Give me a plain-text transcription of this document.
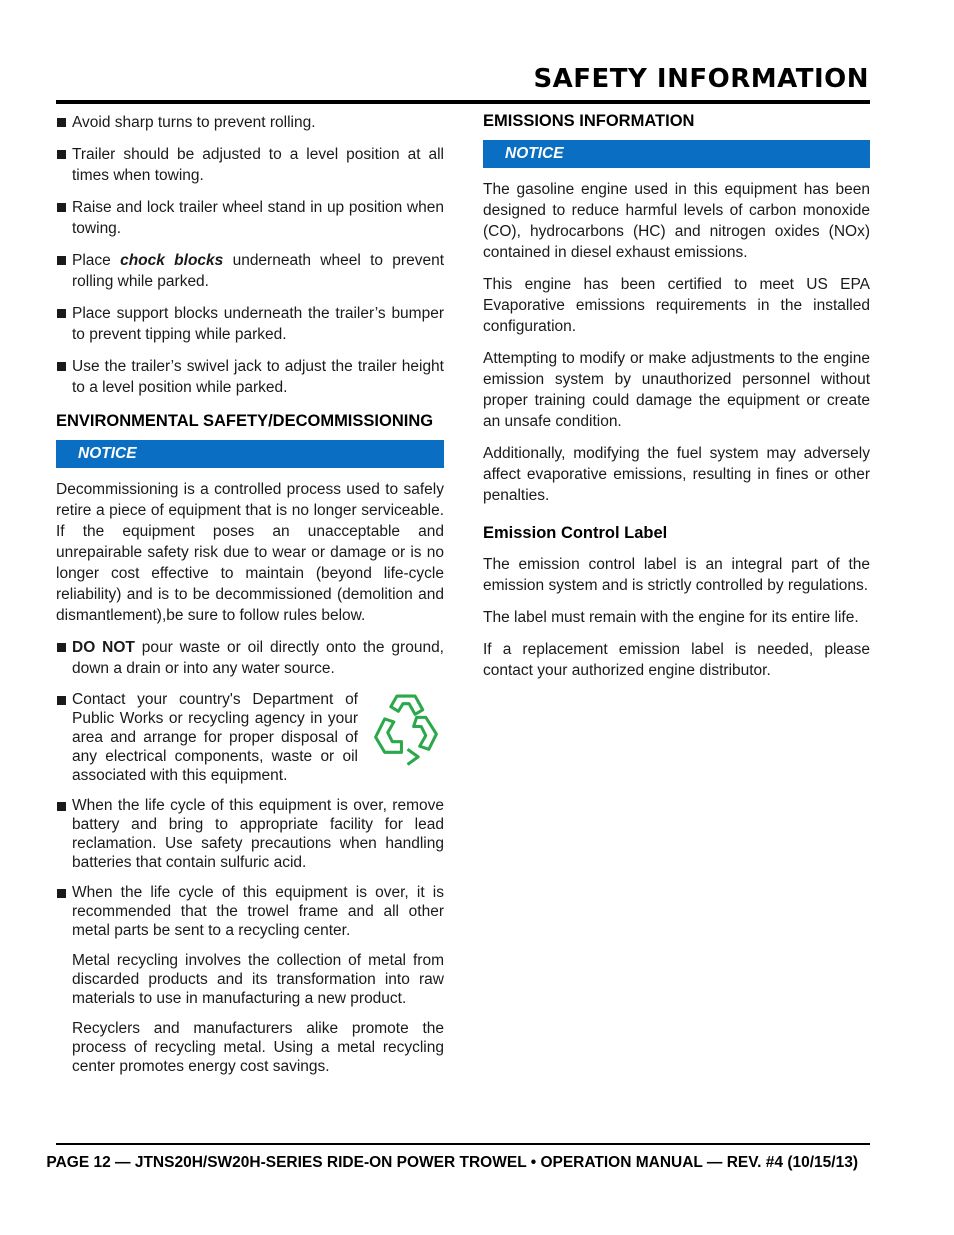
SAFETY INFORMATION
Avoid sharp turns to prevent rolling.
Trailer should be adjusted to a level position at all times when towing.
Raise and lock trailer wheel stand in up position when towing.
Place chock blocks underneath wheel to prevent rolling while parked.
Place support blocks underneath the trailer’s bumper to prevent tipping while parked.
Use the trailer’s swivel jack to adjust the trailer height to a level position while parked.
ENVIRONMENTAL SAFETY/DECOMMISSIONING
NOTICE

Decommissioning is a controlled process used to safely retire a piece of equipment that is no longer serviceable. If the equipment poses an unacceptable and unrepairable safety risk due to wear or damage or is no longer cost effective to maintain (beyond life-cycle reliability) and is to be decommissioned (demolition and dismantlement),be sure to follow rules below.

DO NOT pour waste or oil directly onto the ground, down a drain or into any water source.
Contact your country's Department of Public Works or recycling agency in your area and arrange for proper disposal of any electrical components, waste or oil associated with this equipment.
When the life cycle of this equipment is over, remove battery and bring to appropriate facility for lead reclamation. Use safety precautions when handling batteries that contain sulfuric acid.
When the life cycle of this equipment is over, it is recommended that the trowel frame and all other metal parts be sent to a recycling center.

Metal recycling involves the collection of metal from discarded products and its transformation into raw materials to use in manufacturing a new product.

Recyclers and manufacturers alike promote the process of recycling metal. Using a metal recycling center promotes energy cost savings.

EMISSIONS INFORMATION
NOTICE

The gasoline engine used in this equipment has been designed to reduce harmful levels of carbon monoxide (CO), hydrocarbons (HC) and nitrogen oxides (NOx) contained in diesel exhaust emissions.

This engine has been certified to meet US EPA Evaporative emissions requirements in the installed configuration.

Attempting to modify or make adjustments to the engine emission system by unauthorized personnel without proper training could damage the equipment or create an unsafe condition.

Additionally, modifying the fuel system may adversely affect evaporative emissions, resulting in fines or other penalties.

Emission Control Label

The emission control label is an integral part of the emission system and is strictly controlled by regulations.

The label must remain with the engine for its entire life.

If a replacement emission label is needed, please contact your authorized engine distributor.

PAGE 12 — JTNS20H/SW20H-SERIES RIDE-ON POWER TROWEL • OPERATION MANUAL — REV. #4 (10/15/13)
